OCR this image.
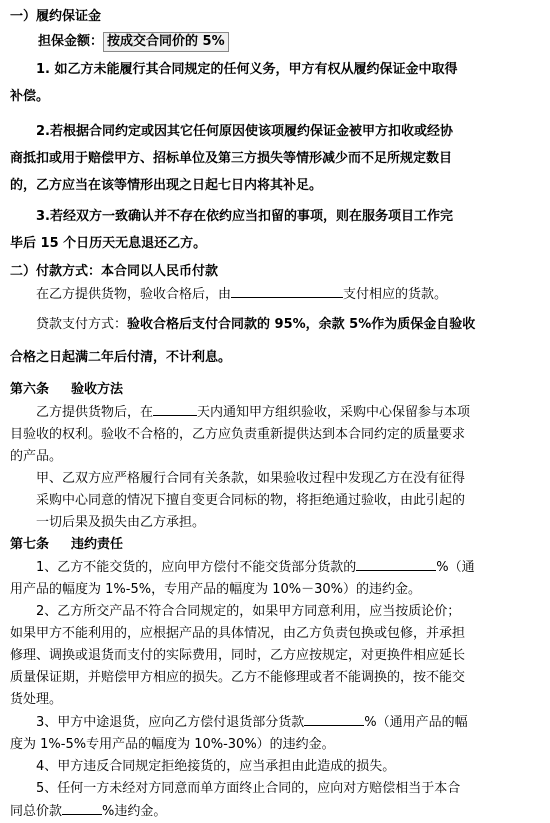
一）履约保证金
担保金额： 按成交合同价的 5%
1. 如乙方未能履行其合同规定的任何义务，甲方有权从履约保证金中取得
补偿。
2.若根据合同约定或因其它任何原因使该项履约保证金被甲方扣收或经协
商抵扣或用于赔偿甲方、招标单位及第三方损失等情形减少而不足所规定数目
的，乙方应当在该等情形出现之日起七日内将其补足。
3.若经双方一致确认并不存在依约应当扣留的事项，则在服务项目工作完
毕后 15 个日历天无息退还乙方。
二）付款方式：本合同以人民币付款
在乙方提供货物，验收合格后，由	支付相应的货款。
贷款支付方式：验收合格后支付合同款的 95%，余款 5%作为质保金自验收
合格之日起满二年后付清，不计利息。
第六条 验收方法
乙方提供货物后，在	天内通知甲方组织验收，采购中心保留参与本项
目验收的权利。验收不合格的，乙方应负责重新提供达到本合同约定的质量要求
的产品。
甲、乙双方应严格履行合同有关条款，如果验收过程中发现乙方在没有征得
采购中心同意的情况下擅自变更合同标的物，将拒绝通过验收，由此引起的
一切后果及损失由乙方承担。
第七条 违约责任
1、乙方不能交货的，应向甲方偿付不能交货部分货款的	%（通
用产品的幅度为 1%-5%，专用产品的幅度为 10%－30%）的违约金。
2、乙方所交产品不符合合同规定的，如果甲方同意利用，应当按质论价；
如果甲方不能利用的，应根据产品的具体情况，由乙方负责包换或包修，并承担
修理、调换或退货而支付的实际费用，同时，乙方应按规定，对更换件相应延长
质量保证期，并赔偿甲方相应的损失。乙方不能修理或者不能调换的，按不能交
货处理。
3、甲方中途退货，应向乙方偿付退货部分货款	%（通用产品的幅
度为 1%-5%专用产品的幅度为 10%-30%）的违约金。
4、甲方违反合同规定拒绝接货的，应当承担由此造成的损失。
5、任何一方未经对方同意而单方面终止合同的，应向对方赔偿相当于本合
同总价款	%违约金。
